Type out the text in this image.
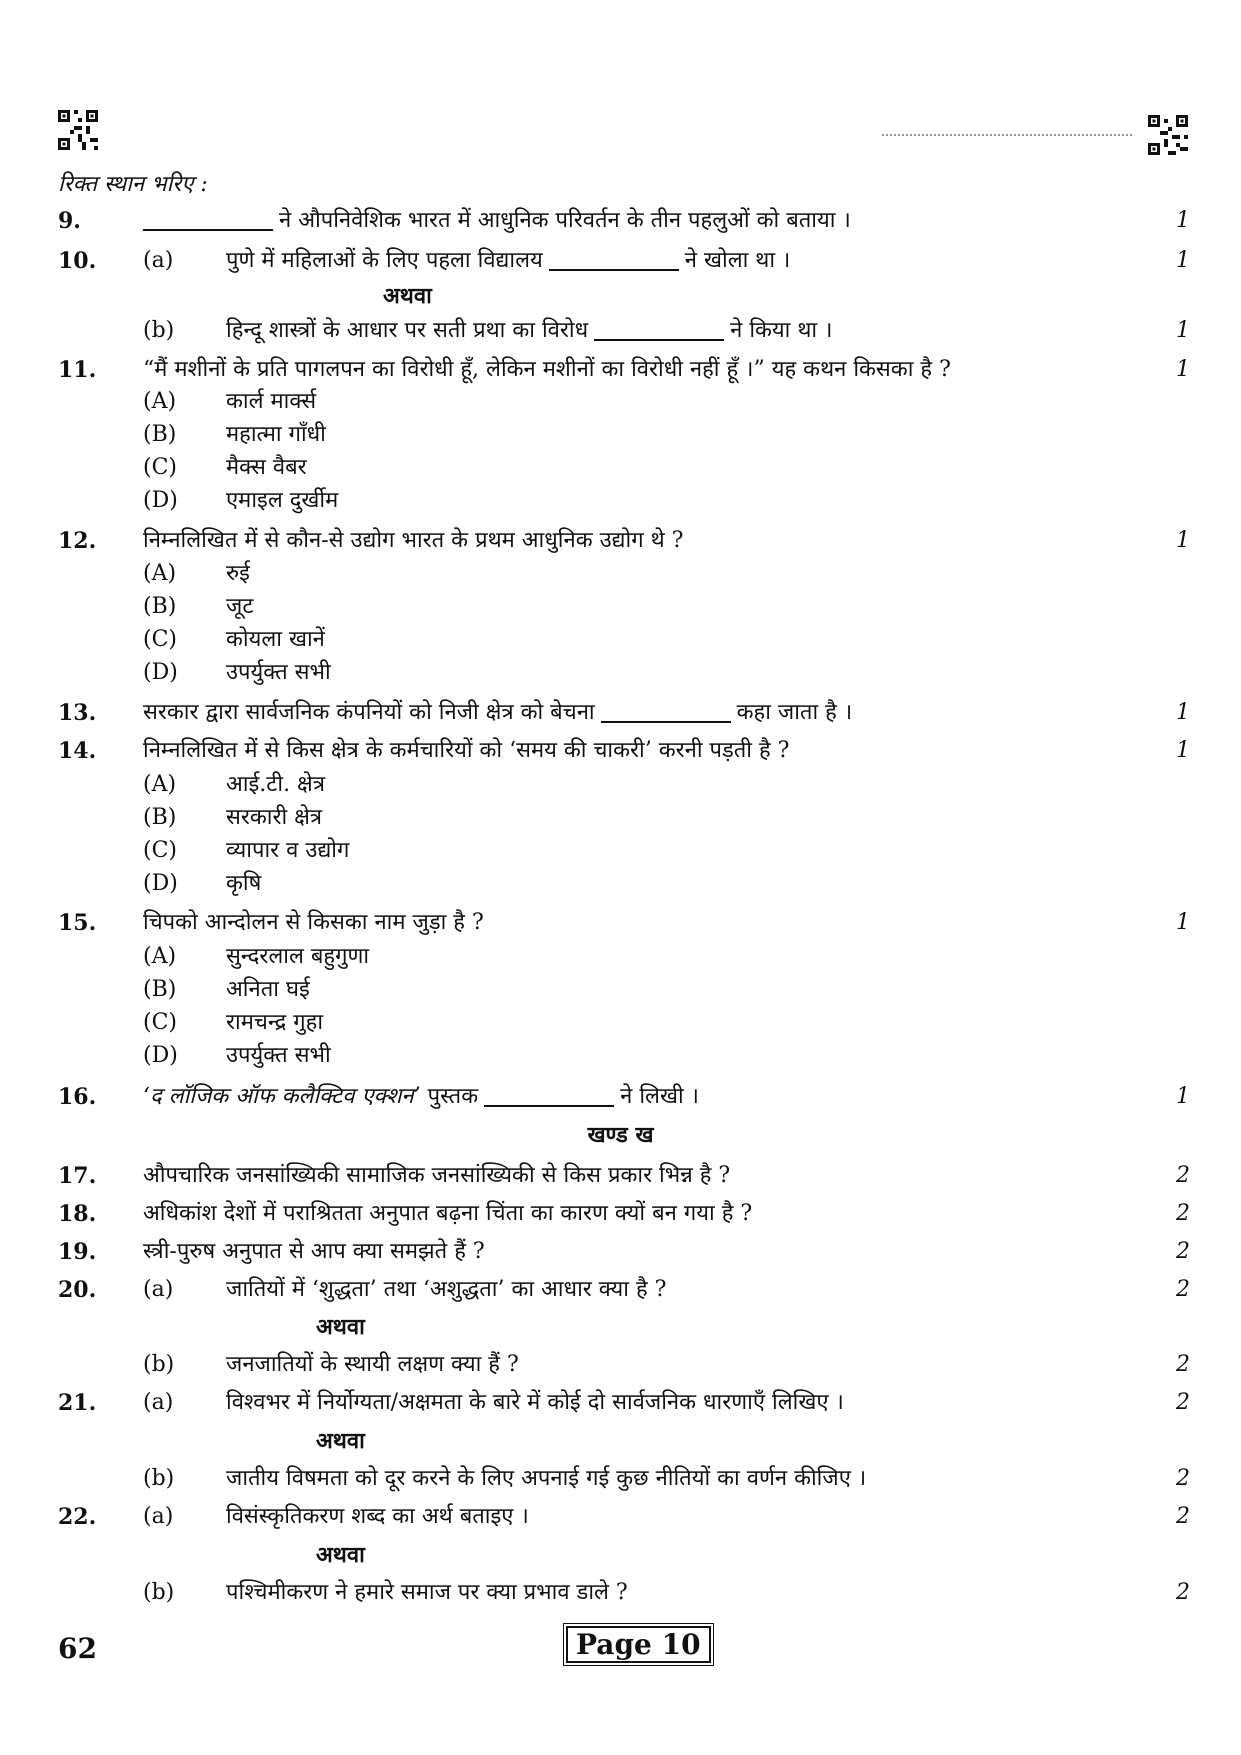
रिक्त स्थान भरिए :
9.	ने औपनिवेशिक भारत में आधुनिक परिवर्तन के तीन पहलुओं को बताया ।	1
10. (a) पुणे में महिलाओं के लिए पहला विद्यालय	ने खोला था ।	1
अथवा
(b) हिन्दू शास्त्रों के आधार पर सती प्रथा का विरोध	ने किया था ।	1
11. “मैं मशीनों के प्रति पागलपन का विरोधी हूँ, लेकिन मशीनों का विरोधी नहीं हूँ ।” यह कथन किसका है ?	1
(A) कार्ल मार्क्स
(B) महात्मा गाँधी
(C) मैक्स वैबर
(D) एमाइल दुर्खीम
12. निम्नलिखित में से कौन-से उद्योग भारत के प्रथम आधुनिक उद्योग थे ?	1
(A) रुई
(B) जूट
(C) कोयला खानें
(D) उपर्युक्त सभी
13. सरकार द्वारा सार्वजनिक कंपनियों को निजी क्षेत्र को बेचना	कहा जाता है ।	1
14. निम्नलिखित में से किस क्षेत्र के कर्मचारियों को ‘समय की चाकरी’ करनी पड़ती है ?	1
(A) आई.टी. क्षेत्र
(B) सरकारी क्षेत्र
(C) व्यापार व उद्योग
(D) कृषि
15. चिपको आन्दोलन से किसका नाम जुड़ा है ?	1
(A) सुन्दरलाल बहुगुणा
(B) अनिता घई
(C) रामचन्द्र गुहा
(D) उपर्युक्त सभी
16. ‘द लॉजिक ऑफ कलैक्टिव एक्शन’ पुस्तक	ने लिखी ।	1
खण्ड ख
17. औपचारिक जनसांख्यिकी सामाजिक जनसांख्यिकी से किस प्रकार भिन्न है ?	2
18. अधिकांश देशों में पराश्रितता अनुपात बढ़ना चिंता का कारण क्यों बन गया है ?	2
19. स्त्री-पुरुष अनुपात से आप क्या समझते हैं ?	2
20. (a) जातियों में ‘शुद्धता’ तथा ‘अशुद्धता’ का आधार क्या है ?	2
अथवा
(b) जनजातियों के स्थायी लक्षण क्या हैं ?	2
21. (a) विश्वभर में निर्योग्यता/अक्षमता के बारे में कोई दो सार्वजनिक धारणाएँ लिखिए ।	2
अथवा
(b) जातीय विषमता को दूर करने के लिए अपनाई गई कुछ नीतियों का वर्णन कीजिए ।	2
22. (a) विसंस्कृतिकरण शब्द का अर्थ बताइए ।	2
अथवा
(b) पश्चिमीकरण ने हमारे समाज पर क्या प्रभाव डाले ?	2
62	Page 10
